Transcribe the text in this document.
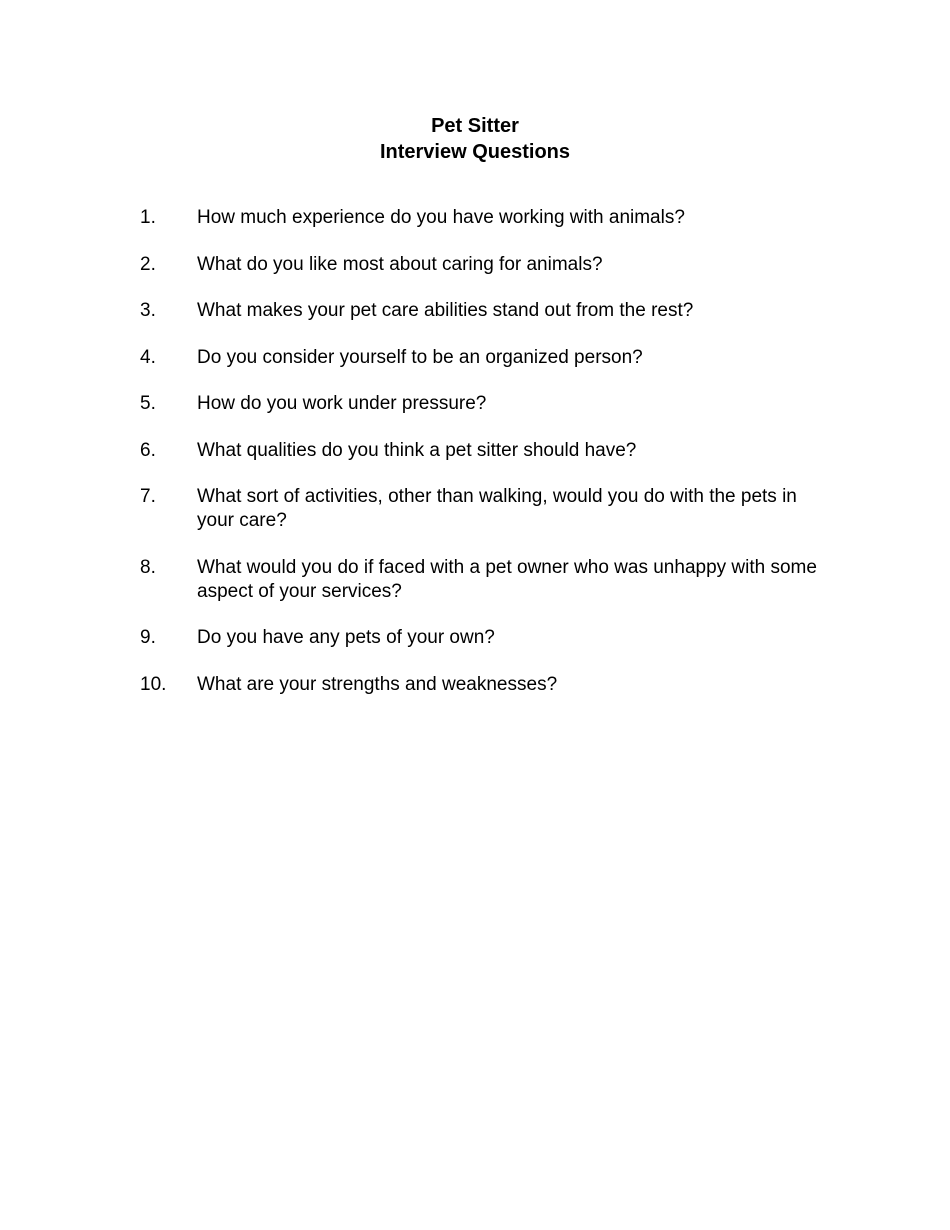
Pet Sitter
Interview Questions
1.	How much experience do you have working with animals?
2.	What do you like most about caring for animals?
3.	What makes your pet care abilities stand out from the rest?
4.	Do you consider yourself to be an organized person?
5.	How do you work under pressure?
6.	What qualities do you think a pet sitter should have?
7.	What sort of activities, other than walking, would you do with the pets in your care?
8.	What would you do if faced with a pet owner who was unhappy with some aspect of your services?
9.	Do you have any pets of your own?
10.	What are your strengths and weaknesses?
